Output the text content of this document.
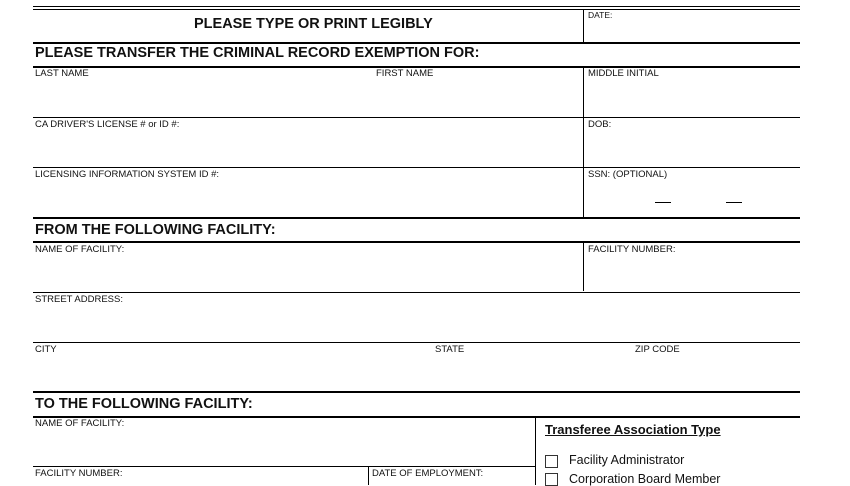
PLEASE TYPE OR PRINT LEGIBLY
DATE:
PLEASE TRANSFER THE CRIMINAL RECORD EXEMPTION FOR:
LAST NAME	FIRST NAME	MIDDLE INITIAL
CA DRIVER'S LICENSE # or ID #:	DOB:
LICENSING INFORMATION SYSTEM ID #:	SSN: (OPTIONAL)
FROM THE FOLLOWING FACILITY:
NAME OF FACILITY:	FACILITY NUMBER:
STREET ADDRESS:
CITY	STATE	ZIP CODE
TO THE FOLLOWING FACILITY:
NAME OF FACILITY:
FACILITY NUMBER:	DATE OF EMPLOYMENT:
Transferee Association Type
Facility Administrator
Corporation Board Member
